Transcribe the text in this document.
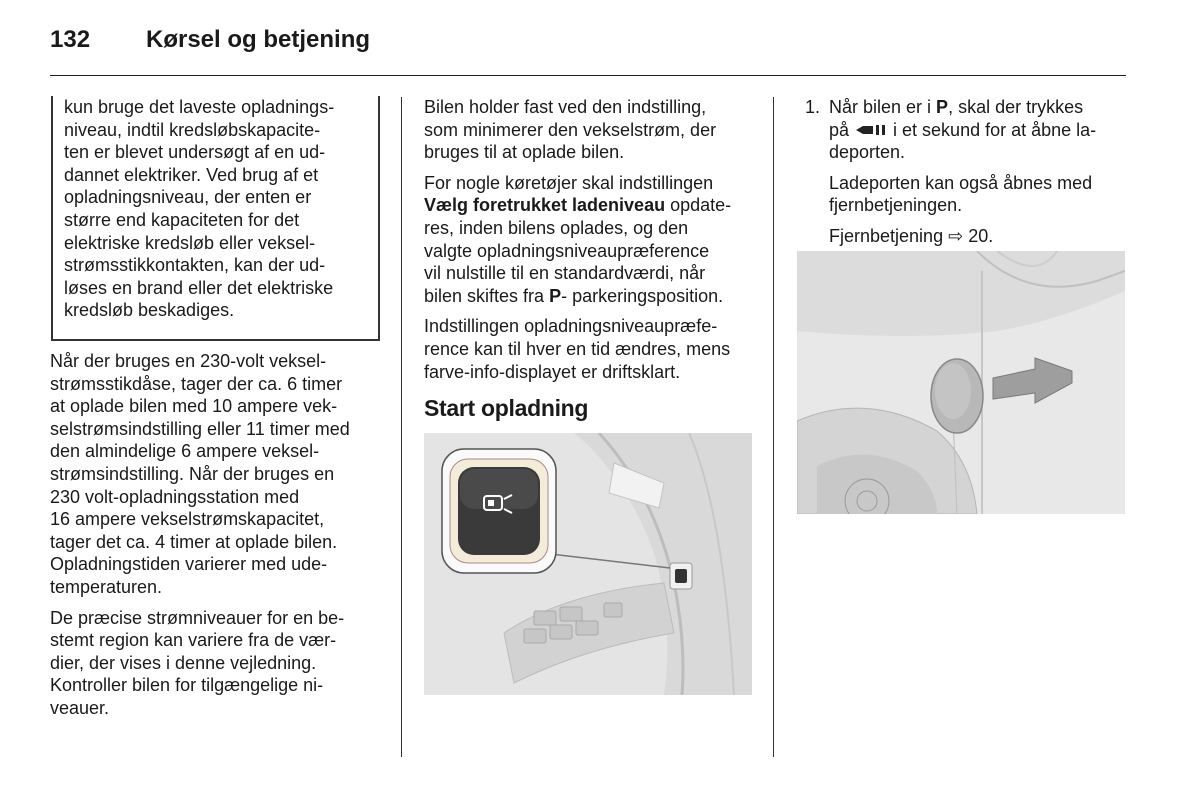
132 Kørsel og betjening
kun bruge det laveste opladnings-
niveau, indtil kredsløbskapacite-
ten er blevet undersøgt af en ud-
dannet elektriker. Ved brug af et
opladningsniveau, der enten er
større end kapaciteten for det
elektriske kredsløb eller veksel-
strømsstikkontakten, kan der ud-
løses en brand eller det elektriske
kredsløb beskadiges.

Når der bruges en 230-volt veksel-
strømsstikdåse, tager der ca. 6 timer
at oplade bilen med 10 ampere vek-
selstrømsindstilling eller 11 timer med
den almindelige 6 ampere veksel-
strømsindstilling. Når der bruges en
230 volt-opladningsstation med
16 ampere vekselstrømskapacitet,
tager det ca. 4 timer at oplade bilen.
Opladningstiden varierer med ude-
temperaturen.

De præcise strømniveauer for en be-
stemt region kan variere fra de vær-
dier, der vises i denne vejledning.
Kontroller bilen for tilgængelige ni-
veauer.

Bilen holder fast ved den indstilling,
som minimerer den vekselstrøm, der
bruges til at oplade bilen.

For nogle køretøjer skal indstillingen
Vælg foretrukket ladeniveau opdate-
res, inden bilens oplades, og den
valgte opladningsniveaupræference
vil nulstille til en standardværdi, når
bilen skiftes fra P- parkeringsposition.

Indstillingen opladningsniveaupræfe-
rence kan til hver en tid ændres, mens
farve-info-displayet er driftsklart.

Start opladning
1. Når bilen er i P, skal der trykkes
på  i et sekund for at åbne la-
deporten.
Ladeporten kan også åbnes med
fjernbetjeningen.
Fjernbetjening ⇨ 20.
